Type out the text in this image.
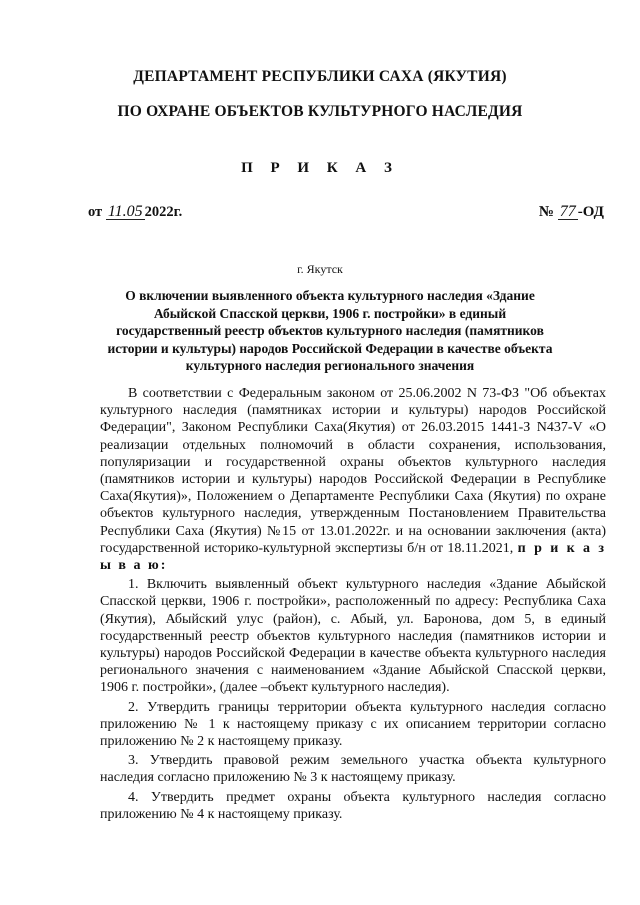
ДЕПАРТАМЕНТ РЕСПУБЛИКИ САХА (ЯКУТИЯ)
ПО ОХРАНЕ ОБЪЕКТОВ КУЛЬТУРНОГО НАСЛЕДИЯ
П Р И К А З
от 11.05 2022г.	№ 77 -ОД
г. Якутск
О включении выявленного объекта культурного наследия «Здание Абыйской Спасской церкви, 1906 г. постройки» в единый государственный реестр объектов культурного наследия (памятников истории и культуры) народов Российской Федерации в качестве объекта культурного наследия регионального значения

В соответствии с Федеральным законом от 25.06.2002 N 73-ФЗ "Об объектах культурного наследия (памятниках истории и культуры) народов Российской Федерации", Законом Республики Саха(Якутия) от 26.03.2015 1441-З N437-V «О реализации отдельных полномочий в области сохранения, использования, популяризации и государственной охраны объектов культурного наследия (памятников истории и культуры) народов Российской Федерации в Республике Саха(Якутия)», Положением о Департаменте Республики Саха (Якутия) по охране объектов культурного наследия, утвержденным Постановлением Правительства Республики Саха (Якутия) №15 от 13.01.2022г. и на основании заключения (акта) государственной историко-культурной экспертизы б/н от 18.11.2021, п р и к а з ы в а ю:

1. Включить выявленный объект культурного наследия «Здание Абыйской Спасской церкви, 1906 г. постройки», расположенный по адресу: Республика Саха (Якутия), Абыйский улус (район), с. Абый, ул. Баронова, дом 5, в единый государственный реестр объектов культурного наследия (памятников истории и культуры) народов Российской Федерации в качестве объекта культурного наследия регионального значения с наименованием «Здание Абыйской Спасской церкви, 1906 г. постройки», (далее –объект культурного наследия).

2. Утвердить границы территории объекта культурного наследия согласно приложению № 1 к настоящему приказу с их описанием территории согласно приложению № 2 к настоящему приказу.

3. Утвердить правовой режим земельного участка объекта культурного наследия согласно приложению № 3 к настоящему приказу.

4. Утвердить предмет охраны объекта культурного наследия согласно приложению № 4 к настоящему приказу.
